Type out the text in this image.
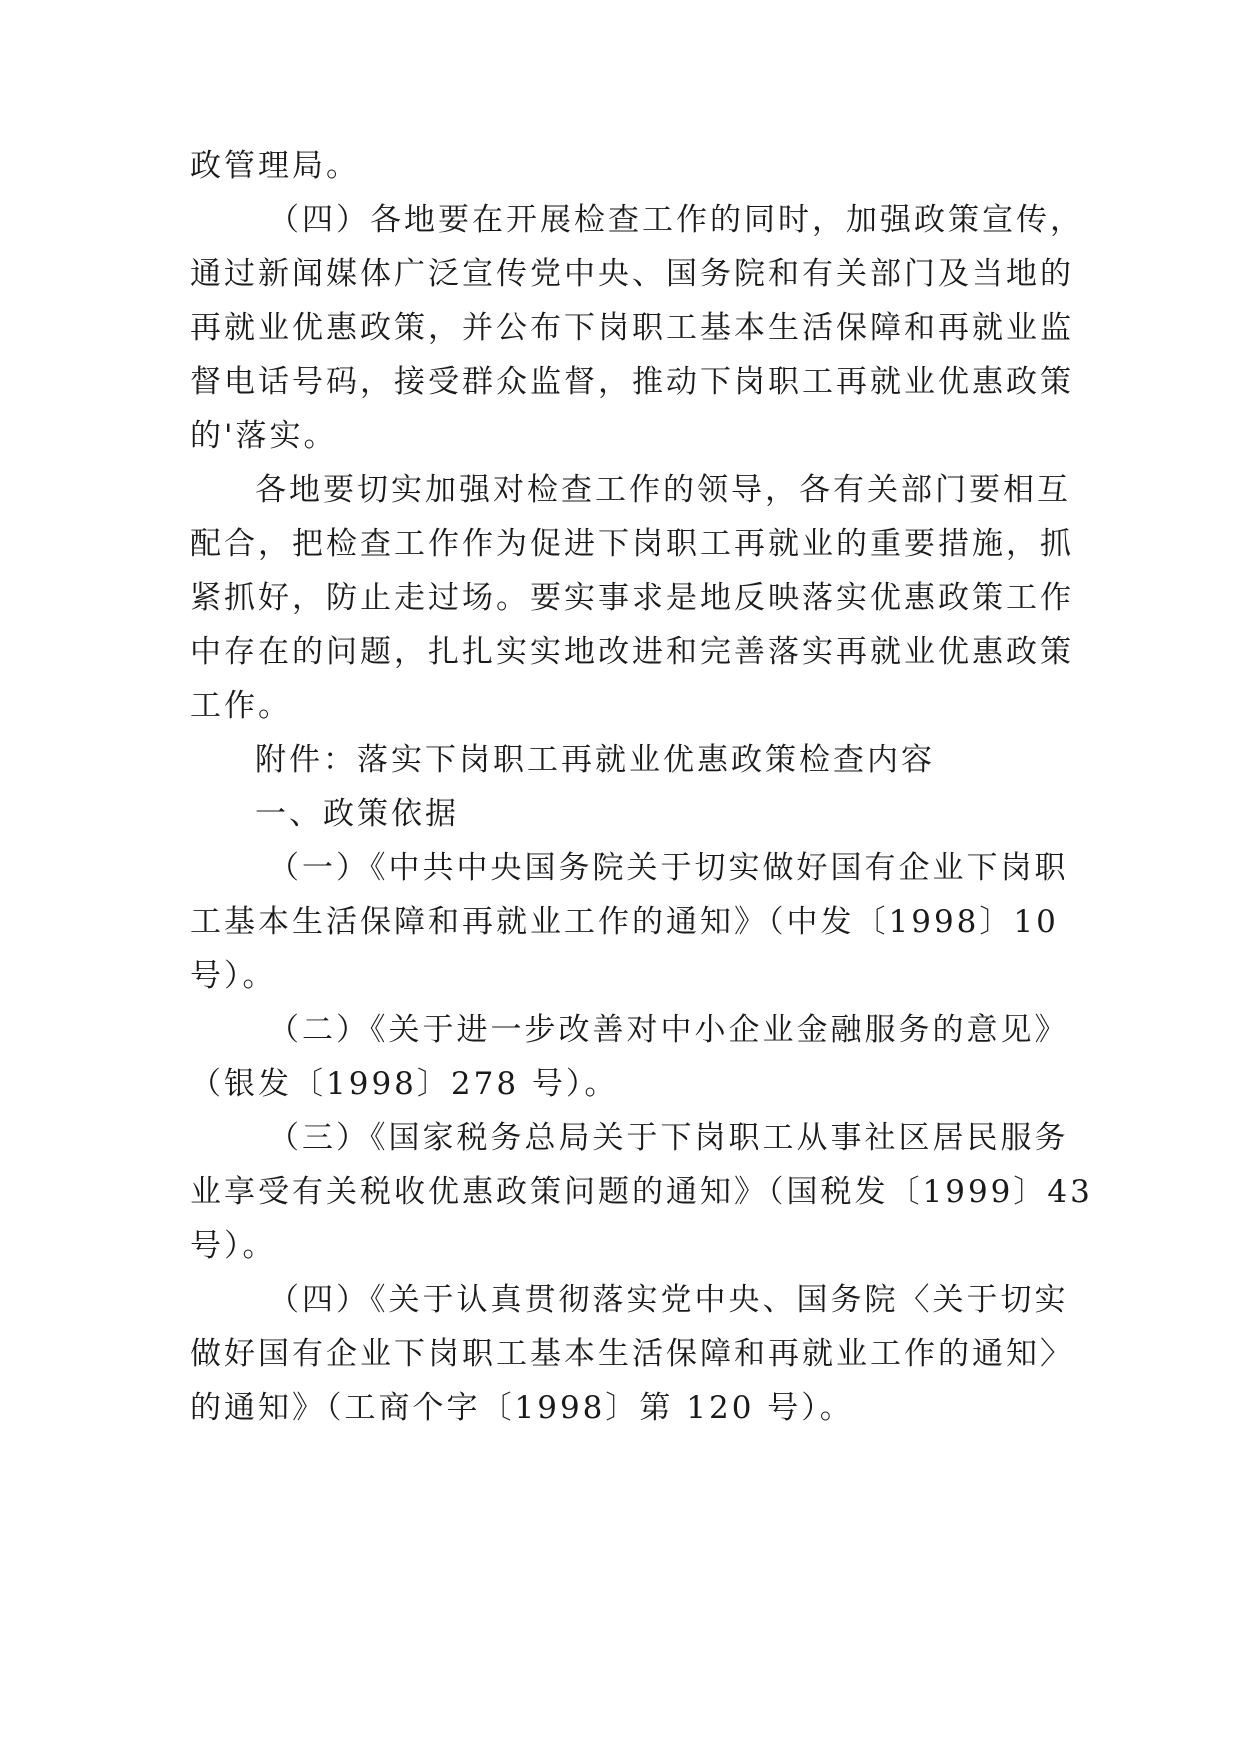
政管理局。
（四）各地要在开展检查工作的同时，加强政策宣传，
通过新闻媒体广泛宣传党中央、国务院和有关部门及当地的
再就业优惠政策，并公布下岗职工基本生活保障和再就业监
督电话号码，接受群众监督，推动下岗职工再就业优惠政策
的'落实。
各地要切实加强对检查工作的领导，各有关部门要相互
配合，把检查工作作为促进下岗职工再就业的重要措施，抓
紧抓好，防止走过场。要实事求是地反映落实优惠政策工作
中存在的问题，扎扎实实地改进和完善落实再就业优惠政策
工作。
附件：落实下岗职工再就业优惠政策检查内容
一、政策依据
（一）《中共中央国务院关于切实做好国有企业下岗职
工基本生活保障和再就业工作的通知》（中发〔1998〕10
号）。
（二）《关于进一步改善对中小企业金融服务的意见》
（银发〔1998〕278 号）。
（三）《国家税务总局关于下岗职工从事社区居民服务
业享受有关税收优惠政策问题的通知》（国税发〔1999〕43
号）。
（四）《关于认真贯彻落实党中央、国务院〈关于切实
做好国有企业下岗职工基本生活保障和再就业工作的通知〉
的通知》（工商个字〔1998〕第 120 号）。
